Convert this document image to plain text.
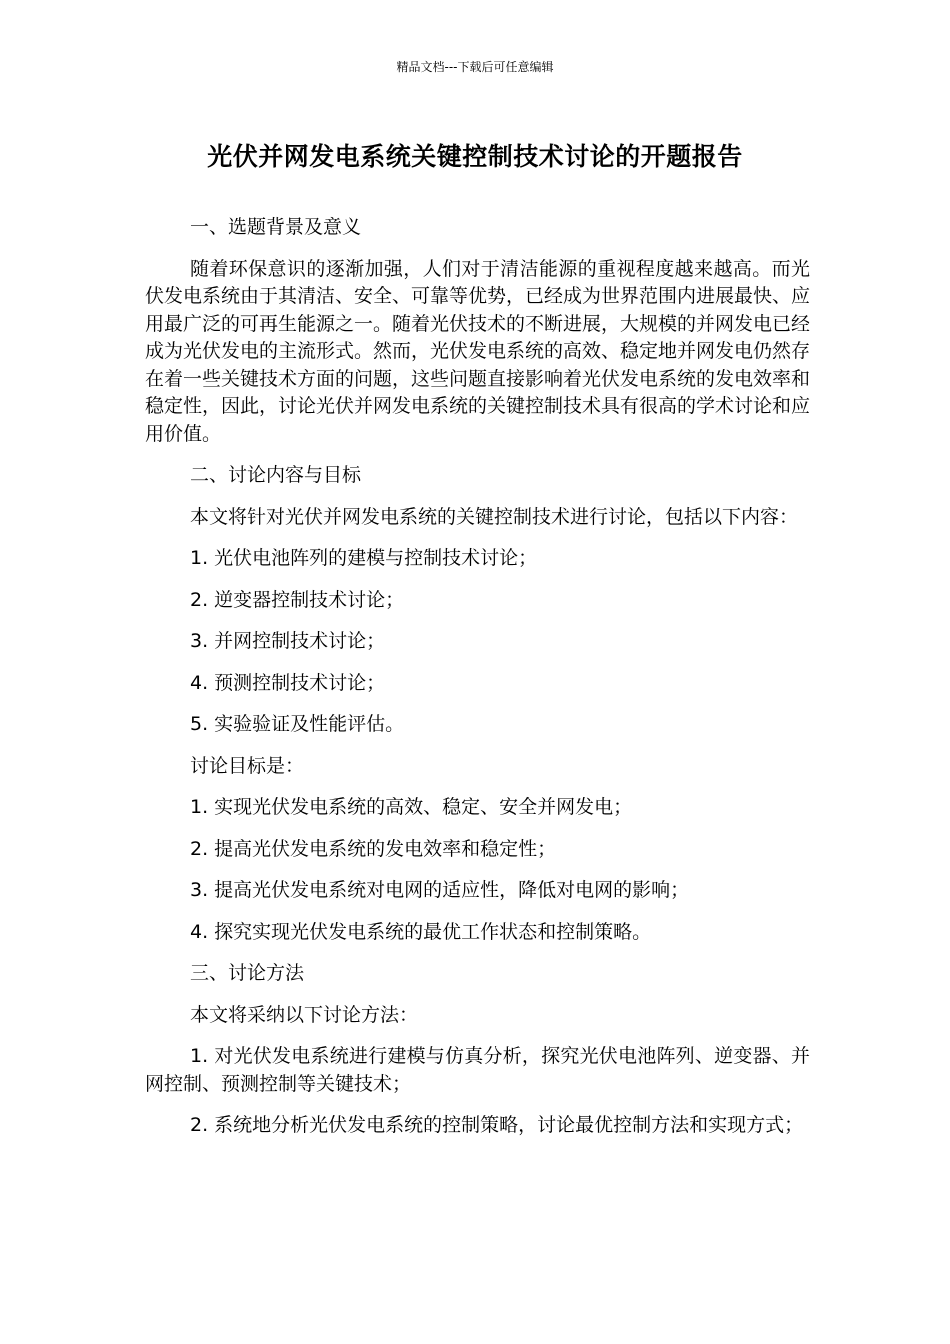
精品文档---下载后可任意编辑
光伏并网发电系统关键控制技术讨论的开题报告

一、选题背景及意义

随着环保意识的逐渐加强，人们对于清洁能源的重视程度越来越高。而光伏发电系统由于其清洁、安全、可靠等优势，已经成为世界范围内进展最快、应用最广泛的可再生能源之一。随着光伏技术的不断进展，大规模的并网发电已经成为光伏发电的主流形式。然而，光伏发电系统的高效、稳定地并网发电仍然存在着一些关键技术方面的问题，这些问题直接影响着光伏发电系统的发电效率和稳定性，因此，讨论光伏并网发电系统的关键控制技术具有很高的学术讨论和应用价值。

二、讨论内容与目标

本文将针对光伏并网发电系统的关键控制技术进行讨论，包括以下内容：

1. 光伏电池阵列的建模与控制技术讨论；

2. 逆变器控制技术讨论；

3. 并网控制技术讨论；

4. 预测控制技术讨论；

5. 实验验证及性能评估。

讨论目标是：

1. 实现光伏发电系统的高效、稳定、安全并网发电；

2. 提高光伏发电系统的发电效率和稳定性；

3. 提高光伏发电系统对电网的适应性，降低对电网的影响；

4. 探究实现光伏发电系统的最优工作状态和控制策略。

三、讨论方法

本文将采纳以下讨论方法：

1. 对光伏发电系统进行建模与仿真分析，探究光伏电池阵列、逆变器、并网控制、预测控制等关键技术；

2. 系统地分析光伏发电系统的控制策略，讨论最优控制方法和实现方式；
